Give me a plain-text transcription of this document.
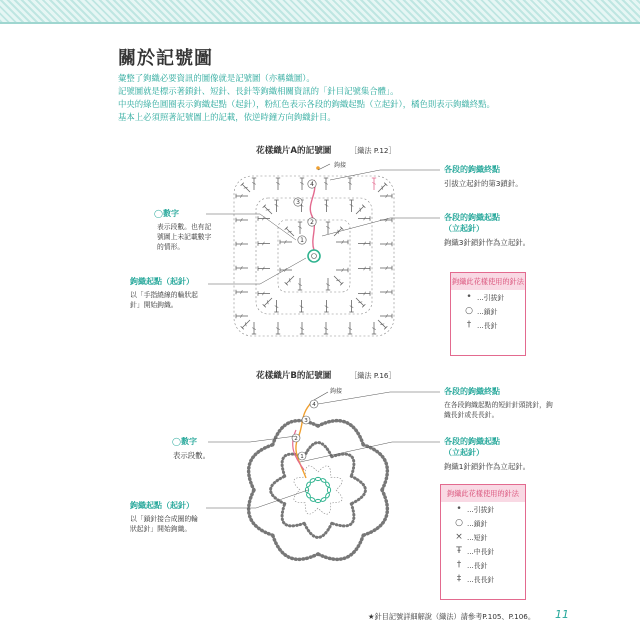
關於記號圖
彙整了鉤織必要資訊的圖像就是記號圖（亦稱織圖）。
記號圖就是標示著鎖針、短針、長針等鉤織相關資訊的「針目記號集合體」。
中央的綠色圓圈表示鉤織起點（起針），粉紅色表示各段的鉤織起點（立起針），橘色則表示鉤織終點。
基本上必須照著記號圖上的記載，依逆時鐘方向鉤織針目。
1
2
3
4
1
2
3
4
花樣織片A的記號圖	［織法 P.12］
鉤接	各段的鉤織終點
引拔立起針的第3鎖針。
各段的鉤織起點
（立起針）
鉤織3針鎖針作為立起針。
◯數字
表示段數。也有記號圖上未記載數字的情形。
鉤織起點（起針）
以「手指繞線的輪狀起針」開始鉤織。
鉤織此花樣使用的針法
• …引拔針
○ …鎖針
† …長針
花樣織片B的記號圖	［織法 P.16］
鉤接	各段的鉤織終點
在各段鉤織起點的短針針頭挑針，鉤織長針或長長針。
各段的鉤織起點
（立起針）
鉤織1針鎖針作為立起針。
◯數字
表示段數。
鉤織起點（起針）
以「鎖針接合成圈的輪狀起針」開始鉤織。
鉤織此花樣使用的針法
• …引拔針
○ …鎖針
× …短針
Ŧ …中長針
† …長針
‡ …長長針
★針目記號詳細解說（織法）請參考P.105、P.106。 11
